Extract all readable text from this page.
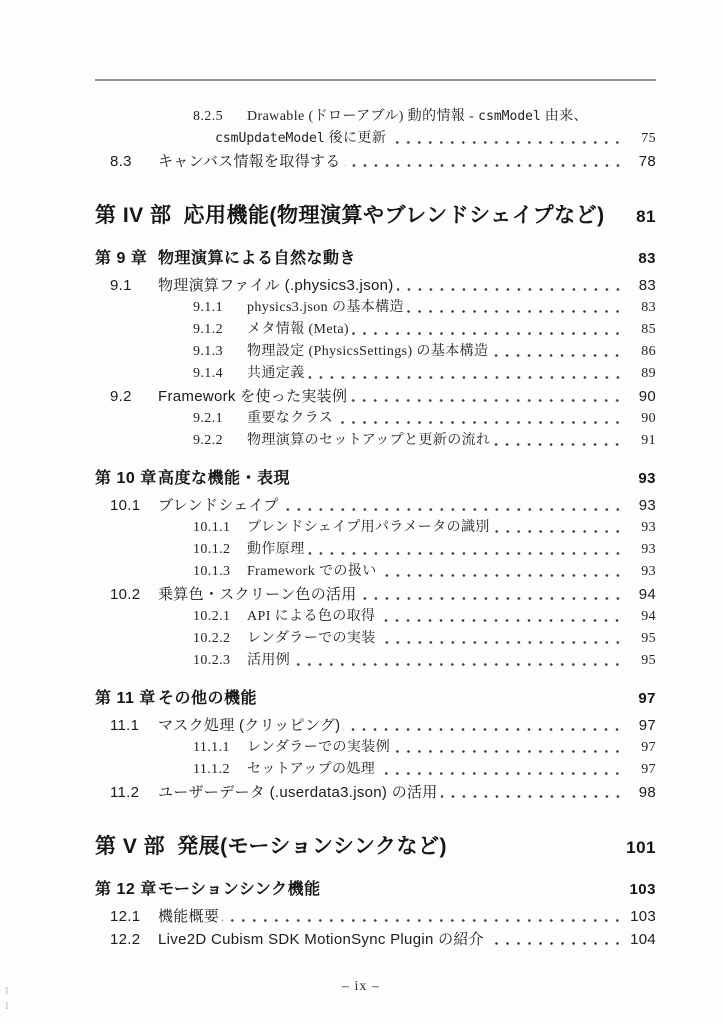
8.2.5	Drawable (ドローアブル) 動的情報 - csmModel 由来、
csmUpdateModel 後に更新	75
8.3	キャンバス情報を取得する	78
第 IV 部 応用機能(物理演算やブレンドシェイプなど)	81
第 9 章 物理演算による自然な動き	83
9.1	物理演算ファイル (.physics3.json)	83
9.1.1	physics3.json の基本構造	83
9.1.2	メタ情報 (Meta)	85
9.1.3	物理設定 (PhysicsSettings) の基本構造	86
9.1.4	共通定義	89
9.2	Framework を使った実装例	90
9.2.1	重要なクラス	90
9.2.2	物理演算のセットアップと更新の流れ	91
第 10 章 高度な機能・表現	93
10.1	ブレンドシェイプ	93
10.1.1	ブレンドシェイプ用パラメータの識別	93
10.1.2	動作原理	93
10.1.3	Framework での扱い	93
10.2	乗算色・スクリーン色の活用	94
10.2.1	API による色の取得	94
10.2.2	レンダラーでの実装	95
10.2.3	活用例	95
第 11 章 その他の機能	97
11.1	マスク処理 (クリッピング)	97
11.1.1	レンダラーでの実装例	97
11.1.2	セットアップの処理	97
11.2	ユーザーデータ (.userdata3.json) の活用	98
第 V 部 発展(モーションシンクなど)	101
第 12 章 モーションシンク機能	103
12.1	機能概要	103
12.2	Live2D Cubism SDK MotionSync Plugin の紹介	104
– ix –
1
1
